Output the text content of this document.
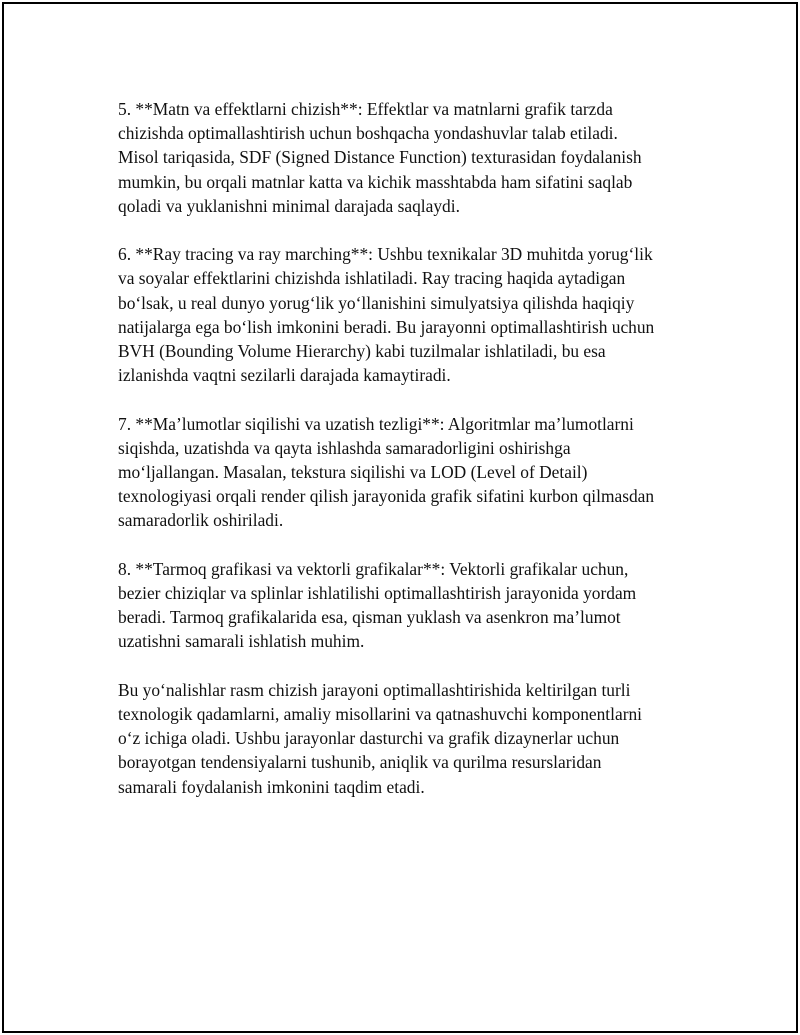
5. **Matn va effektlarni chizish**: Effektlar va matnlarni grafik tarzda
chizishda optimallashtirish uchun boshqacha yondashuvlar talab etiladi.
Misol tariqasida, SDF (Signed Distance Function) texturasidan foydalanish
mumkin, bu orqali matnlar katta va kichik masshtabda ham sifatini saqlab
qoladi va yuklanishni minimal darajada saqlaydi.

6. **Ray tracing va ray marching**: Ushbu texnikalar 3D muhitda yorug‘lik
va soyalar effektlarini chizishda ishlatiladi. Ray tracing haqida aytadigan
bo‘lsak, u real dunyo yorug‘lik yo‘llanishini simulyatsiya qilishda haqiqiy
natijalarga ega bo‘lish imkonini beradi. Bu jarayonni optimallashtirish uchun
BVH (Bounding Volume Hierarchy) kabi tuzilmalar ishlatiladi, bu esa
izlanishda vaqtni sezilarli darajada kamaytiradi.

7. **Ma’lumotlar siqilishi va uzatish tezligi**: Algoritmlar ma’lumotlarni
siqishda, uzatishda va qayta ishlashda samaradorligini oshirishga
mo‘ljallangan. Masalan, tekstura siqilishi va LOD (Level of Detail)
texnologiyasi orqali render qilish jarayonida grafik sifatini kurbon qilmasdan
samaradorlik oshiriladi.

8. **Tarmoq grafikasi va vektorli grafikalar**: Vektorli grafikalar uchun,
bezier chiziqlar va splinlar ishlatilishi optimallashtirish jarayonida yordam
beradi. Tarmoq grafikalarida esa, qisman yuklash va asenkron ma’lumot
uzatishni samarali ishlatish muhim.

Bu yo‘nalishlar rasm chizish jarayoni optimallashtirishida keltirilgan turli
texnologik qadamlarni, amaliy misollarini va qatnashuvchi komponentlarni
o‘z ichiga oladi. Ushbu jarayonlar dasturchi va grafik dizaynerlar uchun
borayotgan tendensiyalarni tushunib, aniqlik va qurilma resurslaridan
samarali foydalanish imkonini taqdim etadi.
